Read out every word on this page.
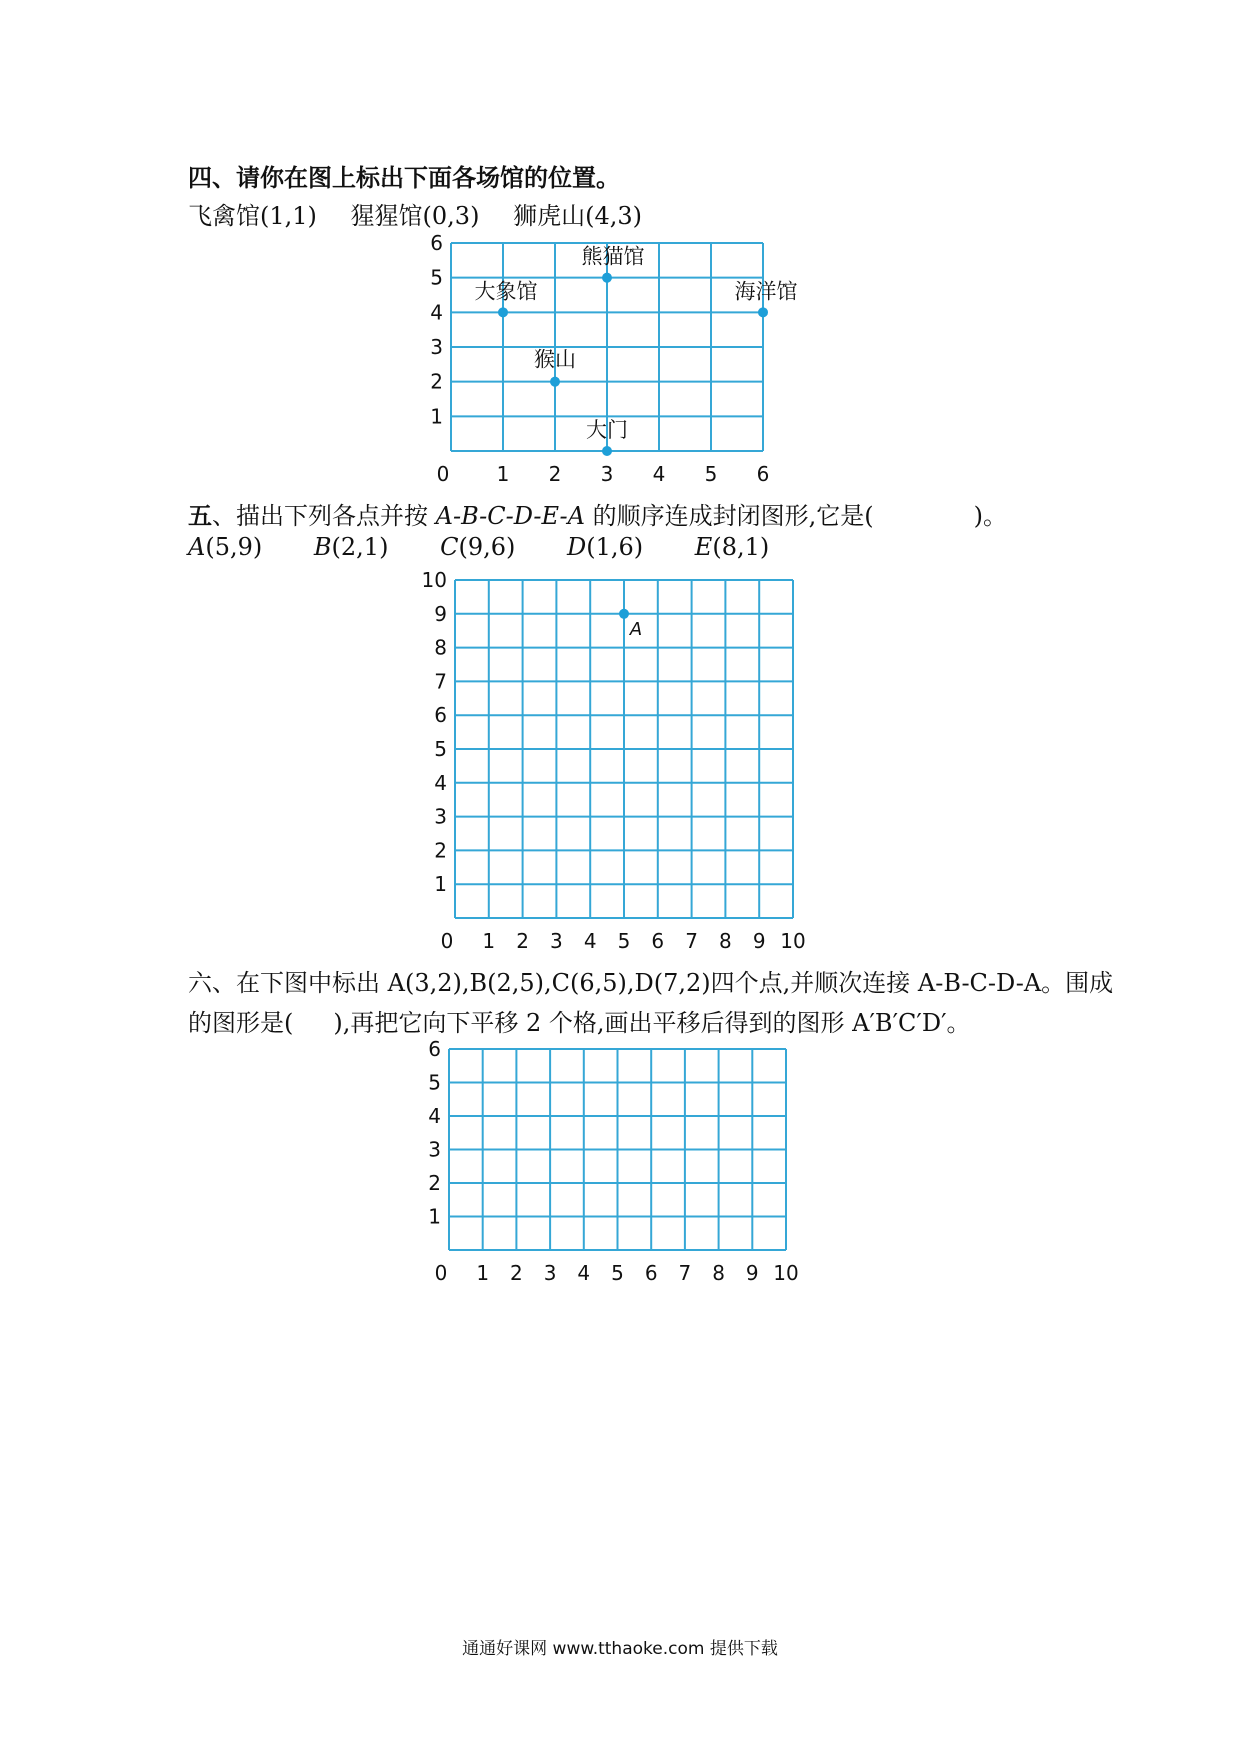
四、请你在图上标出下面各场馆的位置。
飞禽馆(1,1) 猩猩馆(0,3) 狮虎山(4,3)
0 1 2 3 4 5 6
1
2
3
4
5
6
熊猫馆
大象馆	海洋馆
猴山
大门
五、描出下列各点并按 A-B-C-D-E-A 的顺序连成封闭图形,它是(	)。
A(5,9) B(2,1) C(9,6) D(1,6) E(8,1)
0 1 2 3 4 5 6 7 8 9 10
1
2
3
4
5
6
7
8
9
10
A
六、在下图中标出 A(3,2),B(2,5),C(6,5),D(7,2)四个点,并顺次连接 A-B-C-D-A。围成
的图形是( ),再把它向下平移 2 个格,画出平移后得到的图形 A′B′C′D′。
0 1 2 3 4 5 6 7 8 9 10
1
2
3
4
5
6
通通好课网 www.tthaoke.com 提供下载
